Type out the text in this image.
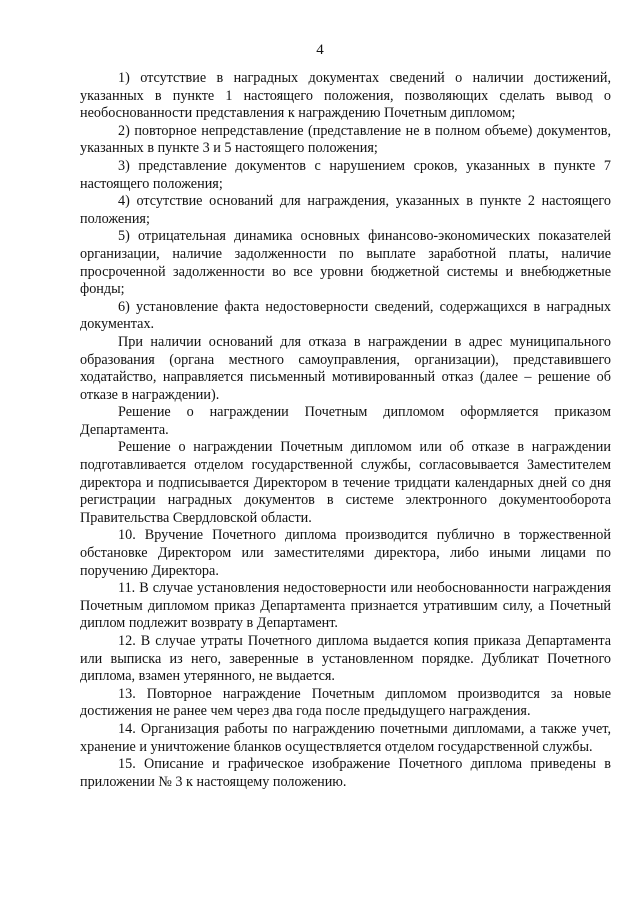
4

1) отсутствие в наградных документах сведений о наличии достижений, указанных в пункте 1 настоящего положения, позволяющих сделать вывод о необоснованности представления к награждению Почетным дипломом;

2) повторное непредставление (представление не в полном объеме) документов, указанных в пункте 3 и 5 настоящего положения;

3) представление документов с нарушением сроков, указанных в пункте 7 настоящего положения;

4) отсутствие оснований для награждения, указанных в пункте 2 настоящего положения;

5) отрицательная динамика основных финансово-экономических показателей организации, наличие задолженности по выплате заработной платы, наличие просроченной задолженности во все уровни бюджетной системы и внебюджетные фонды;

6) установление факта недостоверности сведений, содержащихся в наградных документах.

При наличии оснований для отказа в награждении в адрес муниципального образования (органа местного самоуправления, организации), представившего ходатайство, направляется письменный мотивированный отказ (далее – решение об отказе в награждении).

Решение о награждении Почетным дипломом оформляется приказом Департамента.

Решение о награждении Почетным дипломом или об отказе в награждении подготавливается отделом государственной службы, согласовывается Заместителем директора и подписывается Директором в течение тридцати календарных дней со дня регистрации наградных документов в системе электронного документооборота Правительства Свердловской области.

10. Вручение Почетного диплома производится публично в торжественной обстановке Директором или заместителями директора, либо иными лицами по поручению Директора.

11. В случае установления недостоверности или необоснованности награждения Почетным дипломом приказ Департамента признается утратившим силу, а Почетный диплом подлежит возврату в Департамент.

12. В случае утраты Почетного диплома выдается копия приказа Департамента или выписка из него, заверенные в установленном порядке. Дубликат Почетного диплома, взамен утерянного, не выдается.

13. Повторное награждение Почетным дипломом производится за новые достижения не ранее чем через два года после предыдущего награждения.

14. Организация работы по награждению почетными дипломами, а также учет, хранение и уничтожение бланков осуществляется отделом государственной службы.

15. Описание и графическое изображение Почетного диплома приведены в приложении № 3 к настоящему положению.
